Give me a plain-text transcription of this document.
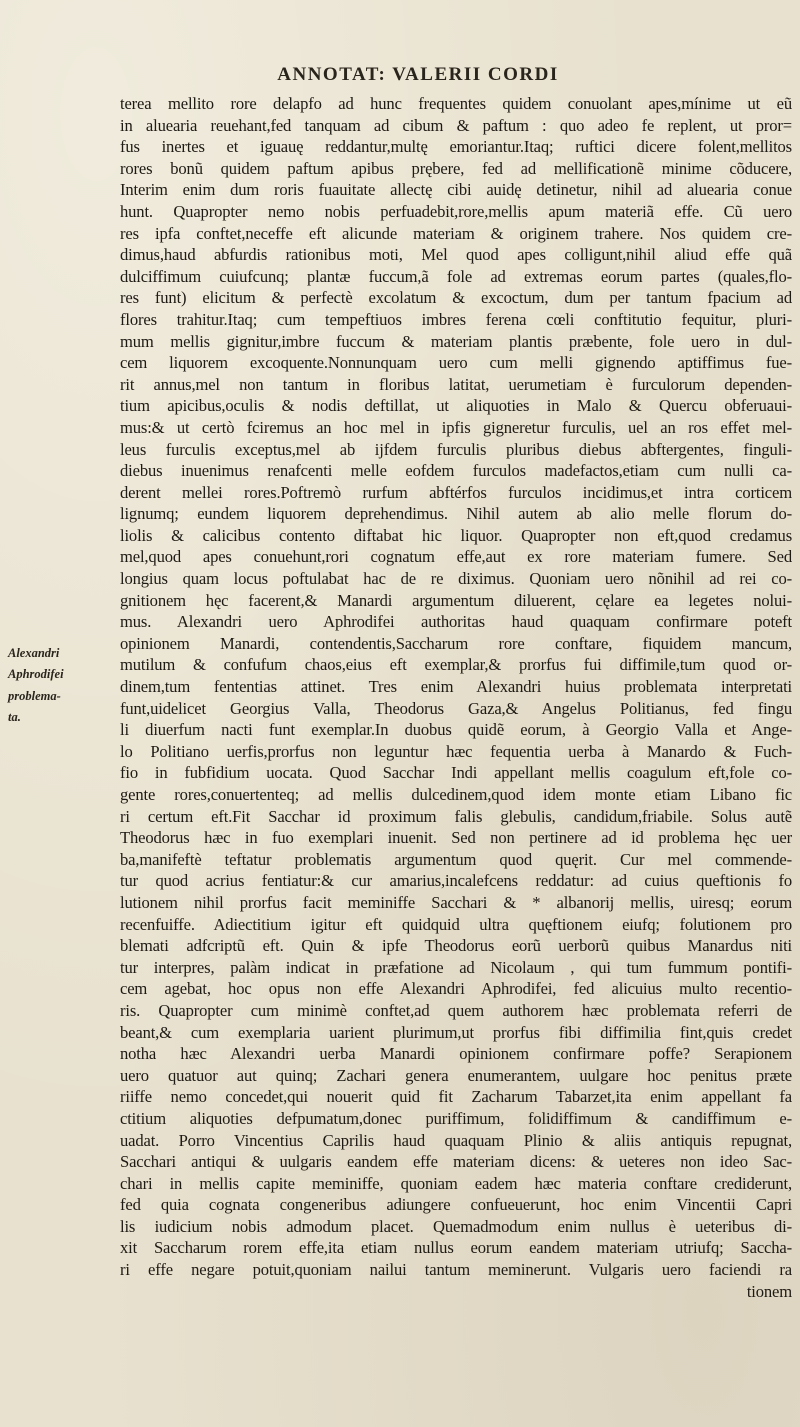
ANNOTAT: VALERII CORDI
Alexandri
Aphrodifei
problema-
ta.
terea mellito rore delapfo ad hunc frequentes quidem conuolant apes,mínime ut eũ
in aluearia reuehant,fed tanquam ad cibum & paftum : quo adeo fe replent, ut pror=
fus inertes et iguauę reddantur,multę emoriantur.Itaq; ruftici dicere folent,mellitos
rores bonũ quidem paftum apibus prębere, fed ad mellificationẽ minime cõducere,
Interim enim dum roris fuauitate allectę cibi auidę detinetur, nihil ad aluearia conue
hunt. Quapropter nemo nobis perfuadebit,rore,mellis apum materiã effe. Cũ uero
res ipfa conftet,neceffe eft alicunde materiam & originem trahere. Nos quidem cre-
dimus,haud abfurdis rationibus moti, Mel quod apes colligunt,nihil aliud effe quã
dulciffimum cuiufcunq; plantæ fuccum,ã fole ad extremas eorum partes (quales,flo-
res funt) elicitum & perfectè excolatum & excoctum, dum per tantum fpacium ad
flores trahitur.Itaq; cum tempeftiuos imbres ferena cœli conftitutio fequitur, pluri-
mum mellis gignitur,imbre fuccum & materiam plantis præbente, fole uero in dul-
cem liquorem excoquente.Nonnunquam uero cum melli gignendo aptiffimus fue-
rit annus,mel non tantum in floribus latitat, uerumetiam è furculorum dependen-
tium apicibus,oculis & nodis deftillat, ut aliquoties in Malo & Quercu obferuaui-
mus:& ut certò fciremus an hoc mel in ipfis gigneretur furculis, uel an ros effet mel-
leus furculis exceptus,mel ab ijfdem furculis pluribus diebus abftergentes, finguli-
diebus inuenimus renafcenti melle eofdem furculos madefactos,etiam cum nulli ca-
derent mellei rores.Poftremò rurfum abftérfos furculos incidimus,et intra corticem
lignumq; eundem liquorem deprehendimus. Nihil autem ab alio melle florum do-
liolis & calicibus contento diftabat hic liquor. Quapropter non eft,quod credamus
mel,quod apes conuehunt,rori cognatum effe,aut ex rore materiam fumere. Sed
longius quam locus poftulabat hac de re diximus. Quoniam uero nõnihil ad rei co-
gnitionem hęc facerent,& Manardi argumentum diluerent, cęlare ea legetes nolui-
mus. Alexandri uero Aphrodifei authoritas haud quaquam confirmare poteft
opinionem Manardi, contendentis,Saccharum rore conftare, fiquidem mancum,
mutilum & confufum chaos,eius eft exemplar,& prorfus fui diffimile,tum quod or-
dinem,tum fententias attinet. Tres enim Alexandri huius problemata interpretati
funt,uidelicet Georgius Valla, Theodorus Gaza,& Angelus Politianus, fed fingu
li diuerfum nacti funt exemplar.In duobus quidẽ eorum, à Georgio Valla et Ange-
lo Politiano uerfis,prorfus non leguntur hæc fequentia uerba à Manardo & Fuch-
fio in fubfidium uocata. Quod Sacchar Indi appellant mellis coagulum eft,fole co-
gente rores,conuertenteq; ad mellis dulcedinem,quod idem monte etiam Libano fic
ri certum eft.Fit Sacchar id proximum falis glebulis, candidum,friabile. Solus autẽ
Theodorus hæc in fuo exemplari inuenit. Sed non pertinere ad id problema hęc uer
ba,manifeftè teftatur problematis argumentum quod quęrit. Cur mel commende-
tur quod acrius fentiatur:& cur amarius,incalefcens reddatur: ad cuius queftionis fo
lutionem nihil prorfus facit meminiffe Sacchari & * albanorij mellis, uiresq; eorum
recenfuiffe. Adiectitium igitur eft quidquid ultra quęftionem eiufq; folutionem pro
blemati adfcriptũ eft. Quin & ipfe Theodorus eorũ uerborũ quibus Manardus niti
tur interpres, palàm indicat in præfatione ad Nicolaum , qui tum fummum pontifi-
cem agebat, hoc opus non effe Alexandri Aphrodifei, fed alicuius multo recentio-
ris. Quapropter cum minimè conftet,ad quem authorem hæc problemata referri de
beant,& cum exemplaria uarient plurimum,ut prorfus fibi diffimilia fint,quis credet
notha hæc Alexandri uerba Manardi opinionem confirmare poffe? Serapionem
uero quatuor aut quinq; Zachari genera enumerantem, uulgare hoc penitus præte
riiffe nemo concedet,qui nouerit quid fit Zacharum Tabarzet,ita enim appellant fa
ctitium aliquoties defpumatum,donec puriffimum, folidiffimum & candiffimum e-
uadat. Porro Vincentius Caprilis haud quaquam Plinio & aliis antiquis repugnat,
Sacchari antiqui & uulgaris eandem effe materiam dicens: & ueteres non ideo Sac-
chari in mellis capite meminiffe, quoniam eadem hæc materia conftare crediderunt,
fed quia cognata congeneribus adiungere confueuerunt, hoc enim Vincentii Capri
lis iudicium nobis admodum placet. Quemadmodum enim nullus è ueteribus di-
xit Saccharum rorem effe,ita etiam nullus eorum eandem materiam utriufq; Saccha-
ri effe negare potuit,quoniam nailui tantum meminerunt. Vulgaris uero faciendi ra
tionem
